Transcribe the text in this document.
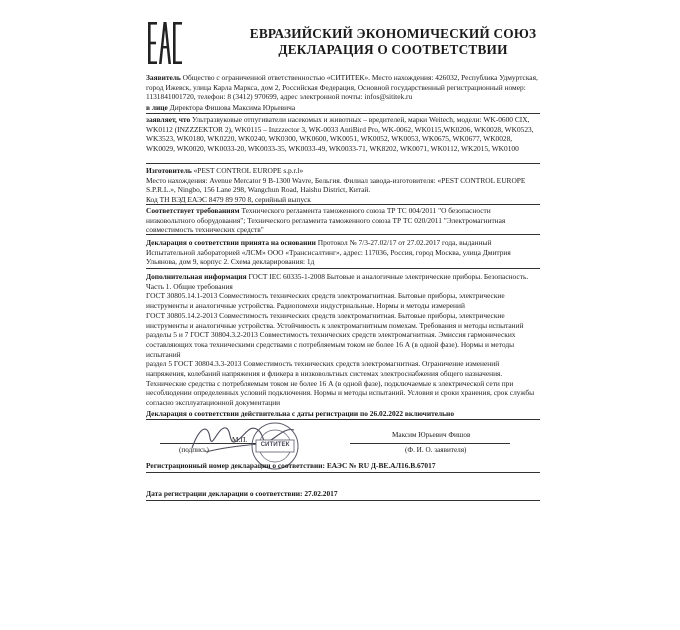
ЕВРАЗИЙСКИЙ ЭКОНОМИЧЕСКИЙ СОЮЗ
ДЕКЛАРАЦИЯ О СООТВЕТСТВИИ
Заявитель Общество с ограниченной ответственностью «СИТИТЕК». Место нахождения: 426032, Республика Удмуртская, город Ижевск, улица Карла Маркса, дом 2, Российская Федерация, Основной государственный регистрационный номер: 1131841001720, телефон: 8 (3412) 970699, адрес электронной почты: infos@sititek.ru
в лице Директора Фишова Максима Юрьевича
заявляет, что Ультразвуковые отпугиватели насекомых и животных – вредителей, марки Weitech, модели: WK-0600 CIX, WK0112 (INZZZEKTOR 2), WK0115 – Inzzzector 3, WK-0033 AntiBird Pro, WK-0062, WK0115,WK0206, WK0028, WK0523, WK3523, WK0180, WK0220, WK0240, WK0300, WK0600, WK0051, WK0052, WK0053, WK0675, WK0677, WK0028, WK0029, WK0020, WK0033-20, WK0033-35, WK0033-49, WK0033-71, WK8202, WK0071, WK0112, WK2015, WK0100
Изготовитель «PEST CONTROL EUROPE s.p.r.l»
Место нахождения: Avenue Mercator 9 B-1300 Wavre, Бельгия. Филиал завода-изготовителя: «PEST CONTROL EUROPE S.P.R.L.», Ningbo, 156 Lane 298, Wangchun Road, Haishu District, Китай.
Код ТН ВЭД ЕАЭС 8479 89 970 8, серийный выпуск
Соответствует требованиям Технического регламента таможенного союза ТР ТС 004/2011 "О безопасности низковольтного оборудования"; Технического регламента таможенного союза ТР ТС 020/2011 "Электромагнитная совместимость технических средств"
Декларация о соответствии принята на основании Протокол № 7/3-27.02/17 от 27.02.2017 года, выданный Испытательной лабораторией «ЛСМ» ООО «Транснсалтинг», адрес: 117036, Россия, город Москва, улица Дмитрия Ульянова, дом 9, корпус 2. Схема декларирования: 1д
Дополнительная информация ГОСТ IEC 60335-1-2008 Бытовые и аналогичные электрические приборы. Безопасность. Часть 1. Общие требования
ГОСТ 30805.14.1-2013 Совместимость технических средств электромагнитная. Бытовые приборы, электрические инструменты и аналогичные устройства. Радиопомехи индустриальные. Нормы и методы измерений
ГОСТ 30805.14.2-2013 Совместимость технических средств электромагнитная. Бытовые приборы, электрические инструменты и аналогичные устройства. Устойчивость к электромагнитным помехам. Требования и методы испытаний
разделы 5 и 7 ГОСТ 30804.3.2-2013 Совместимость технических средств электромагнитная. Эмиссия гармонических составляющих тока техническими средствами с потребляемым током не более 16 А (в одной фазе). Нормы и методы испытаний
раздел 5 ГОСТ 30804.3.3-2013 Совместимость технических средств электромагнитная. Ограничение изменений напряжения, колебаний напряжения и фликера в низковольтных системах электроснабжения общего назначения. Технические средства с потребляемым током не более 16 А (в одной фазе), подключаемые к электрической сети при несоблюдении определенных условий подключения. Нормы и методы испытаний. Условия и сроки хранения, срок службы согласно эксплуатационной документации
Декларация о соответствии действительна с даты регистрации по 26.02.2022 включительно
Максим Юрьевич Фишов
(подпись)
М.П.
(Ф. И. О. заявителя)
СИТИТЕК
Регистрационный номер декларации о соответствии: ЕАЭС № RU Д-BE.АЛ16.В.67017
Дата регистрации декларации о соответствии: 27.02.2017
